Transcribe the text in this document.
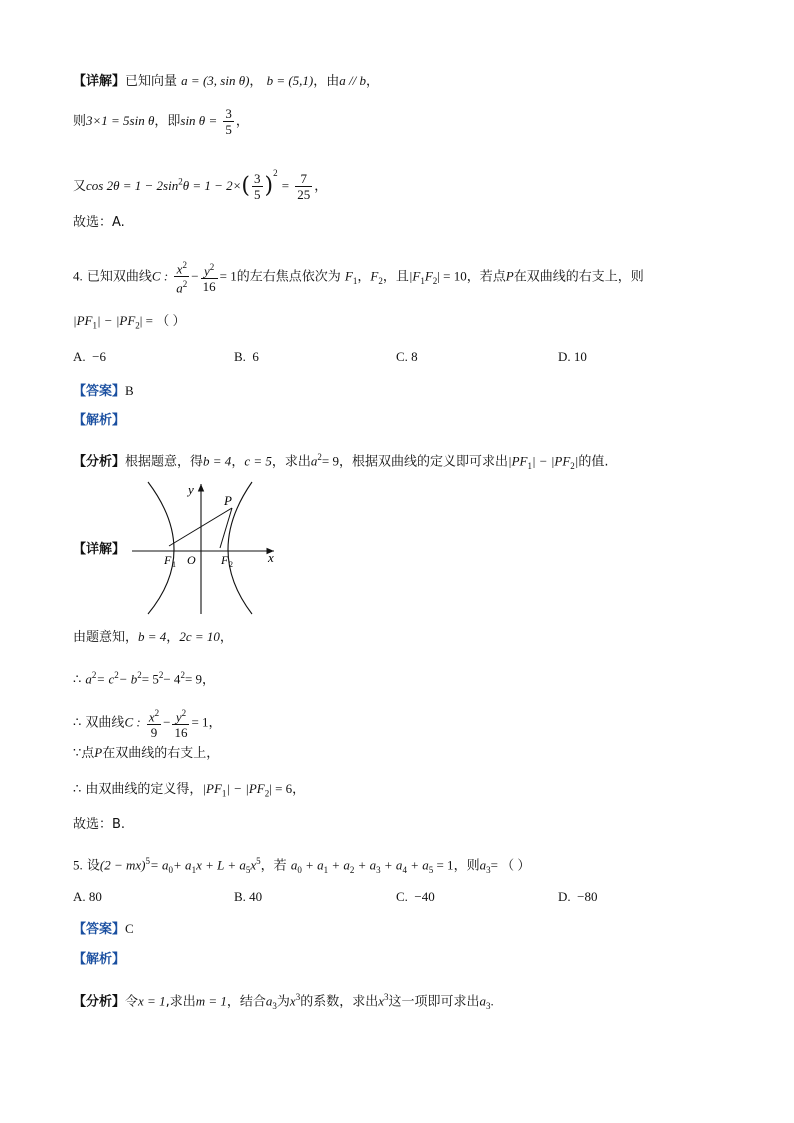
【详解】已知向量 a = (3, sin θ)， b = (5,1)，由a // b，
则3×1 = 5sin θ，即$\sin \theta = \frac{3}{5}$ ，
又$\cos 2\theta = 1 - 2\sin^2\theta = 1 - 2\times( \frac{3}{5} )^2 = \frac{7}{25}$ ，
故选：A.
4. 已知双曲线C : $\frac{x^2}{a^2} - \frac{y^2}{16} = 1$的左右焦点依次为 $F_1$，$F_2$，且$|F_1F_2| = 10$，若点P在双曲线的右支上，则
$|PF_1| - |PF_2|$ = （ ）
A. −6	B. 6	C. 8	D. 10
【答案】B
【解析】
【分析】根据题意，得b = 4，c = 5，求出$a^2= 9$，根据双曲线的定义即可求出$|PF_1| - |PF_2|$的值.
【详解】
y
x
P
O
F 1	F 2
由题意知，b = 4，2c = 10，
∴ $a^2= c^2- b^2= 5^2- 4^2= 9$，
∴ 双曲线C : $\frac{x^2}{9} - \frac{y^2}{16} = 1$，
∵点P在双曲线的右支上，
∴ 由双曲线的定义得，$|PF_1| - |PF_2| = 6$，
故选：B.
5. 设$(2 - mx)^5= a_0+ a_1x + L + a_5x^5$，若 $a_0 + a_1 + a_2 + a_3 + a_4 + a_5 = 1$，则$a_3=$ （ ）
A. 80	B. 40	C. −40	D. −80
【答案】C
【解析】
【分析】令x = 1,求出m = 1，结合$a_3$为$x^3$的系数，求出$x^3$这一项即可求出$a_3$.
